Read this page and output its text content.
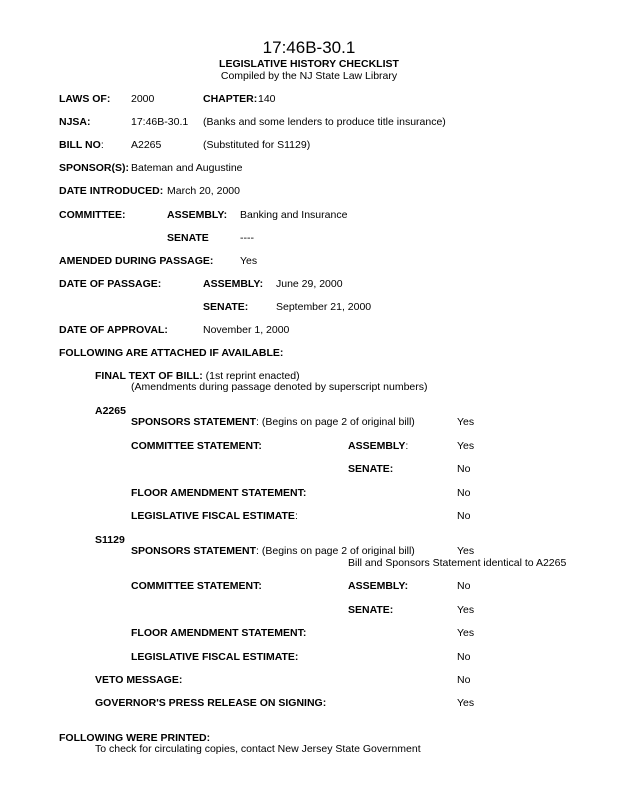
17:46B-30.1
LEGISLATIVE HISTORY CHECKLIST
Compiled by the NJ State Law Library
LAWS OF: 2000	CHAPTER: 140
NJSA:	17:46B-30.1 (Banks and some lenders to produce title insurance)
BILL NO:	A2265	(Substituted for S1129)
SPONSOR(S): Bateman and Augustine
DATE INTRODUCED: March 20, 2000
COMMITTEE:	ASSEMBLY: Banking and Insurance
SENATE	----
AMENDED DURING PASSAGE:	Yes
DATE OF PASSAGE:	ASSEMBLY: June 29, 2000
SENATE:	September 21, 2000
DATE OF APPROVAL:	November 1, 2000
FOLLOWING ARE ATTACHED IF AVAILABLE:
FINAL TEXT OF BILL: (1st reprint enacted)
(Amendments during passage denoted by superscript numbers)
A2265
SPONSORS STATEMENT: (Begins on page 2 of original bill)	Yes
COMMITTEE STATEMENT:	ASSEMBLY:	Yes
SENATE:	No
FLOOR AMENDMENT STATEMENT:	No
LEGISLATIVE FISCAL ESTIMATE:	No
S1129
SPONSORS STATEMENT: (Begins on page 2 of original bill)	Yes
Bill and Sponsors Statement identical to A2265
COMMITTEE STATEMENT:	ASSEMBLY:	No
SENATE:	Yes
FLOOR AMENDMENT STATEMENT:	Yes
LEGISLATIVE FISCAL ESTIMATE:	No
VETO MESSAGE:	No
GOVERNOR'S PRESS RELEASE ON SIGNING:	Yes
FOLLOWING WERE PRINTED:
To check for circulating copies, contact New Jersey State Government
